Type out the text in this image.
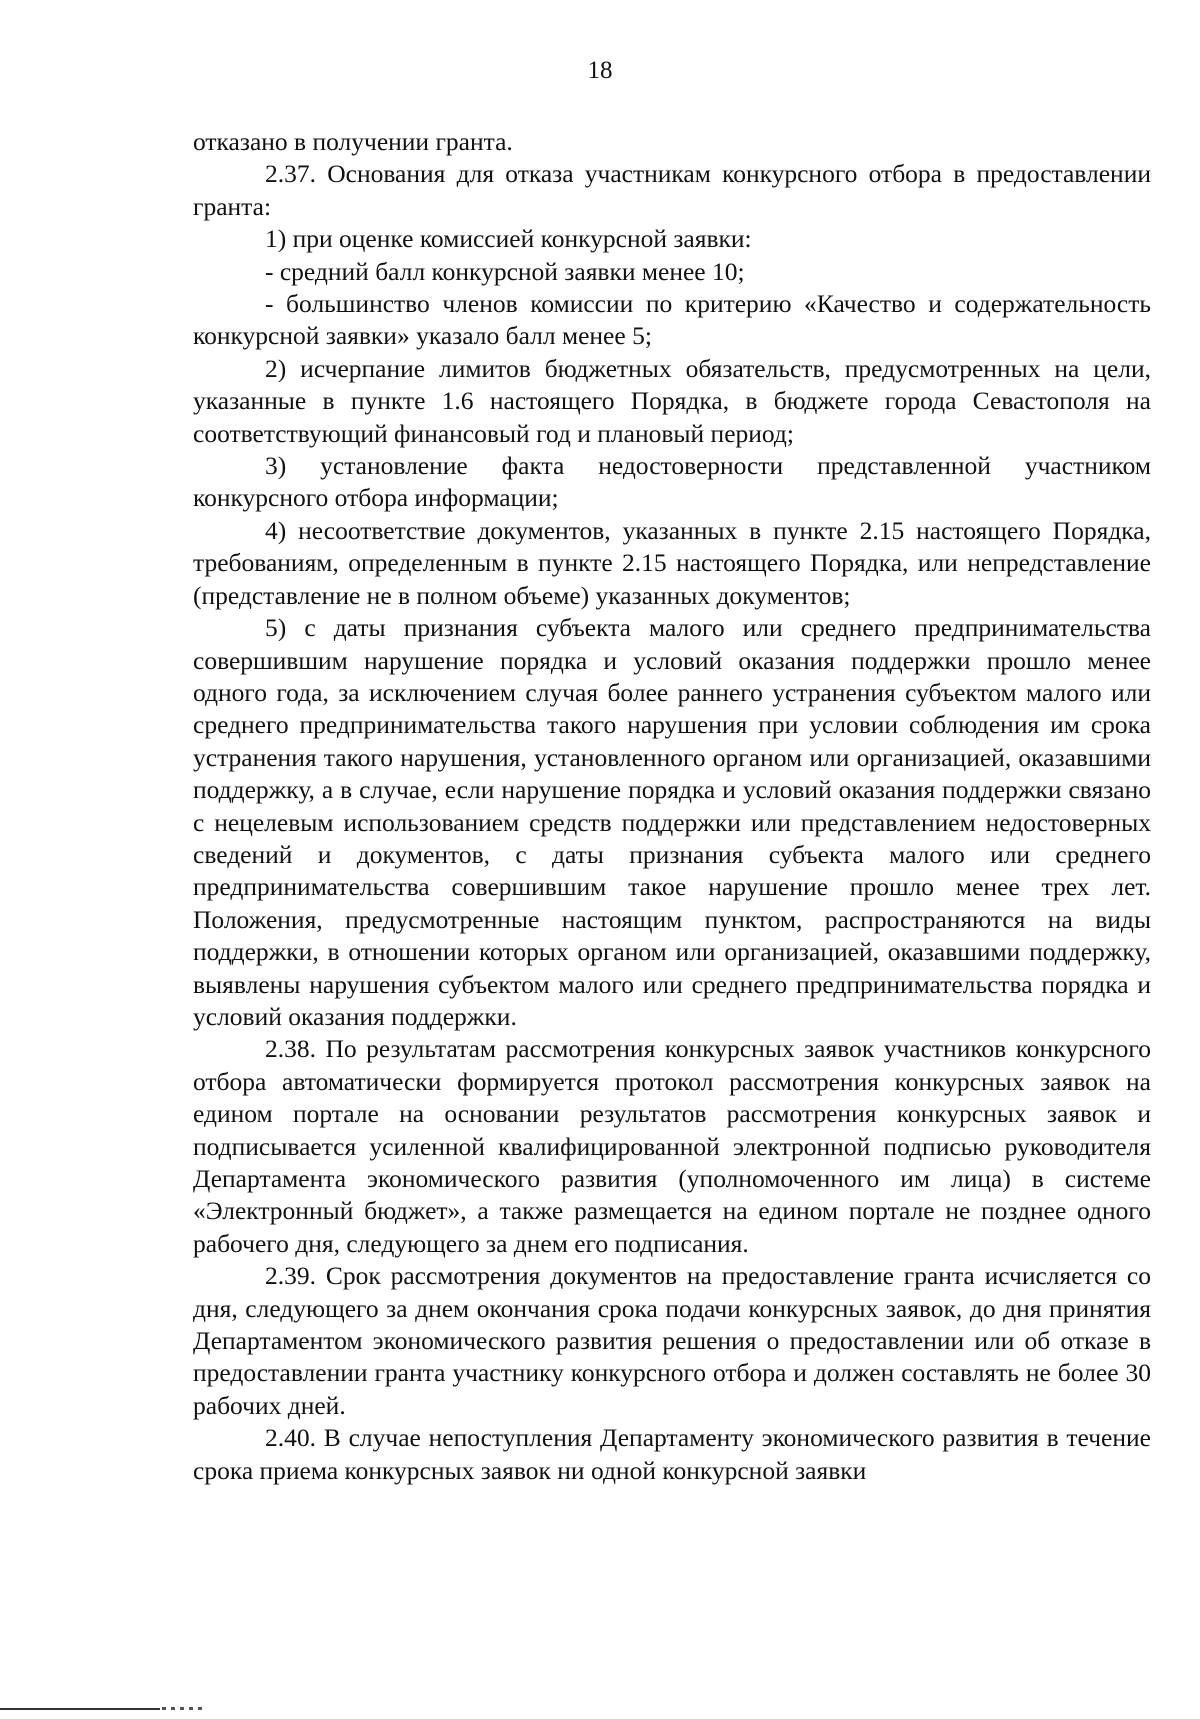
18

отказано в получении гранта.

2.37. Основания для отказа участникам конкурсного отбора в предоставлении гранта:

1) при оценке комиссией конкурсной заявки:

- средний балл конкурсной заявки менее 10;

- большинство членов комиссии по критерию «Качество и содержательность конкурсной заявки» указало балл менее 5;

2) исчерпание лимитов бюджетных обязательств, предусмотренных на цели, указанные в пункте 1.6 настоящего Порядка, в бюджете города Севастополя на соответствующий финансовый год и плановый период;

3) установление факта недостоверности представленной участником конкурсного отбора информации;

4) несоответствие документов, указанных в пункте 2.15 настоящего Порядка, требованиям, определенным в пункте 2.15 настоящего Порядка, или непредставление (представление не в полном объеме) указанных документов;

5) с даты признания субъекта малого или среднего предпринимательства совершившим нарушение порядка и условий оказания поддержки прошло менее одного года, за исключением случая более раннего устранения субъектом малого или среднего предпринимательства такого нарушения при условии соблюдения им срока устранения такого нарушения, установленного органом или организацией, оказавшими поддержку, а в случае, если нарушение порядка и условий оказания поддержки связано с нецелевым использованием средств поддержки или представлением недостоверных сведений и документов, с даты признания субъекта малого или среднего предпринимательства совершившим такое нарушение прошло менее трех лет. Положения, предусмотренные настоящим пунктом, распространяются на виды поддержки, в отношении которых органом или организацией, оказавшими поддержку, выявлены нарушения субъектом малого или среднего предпринимательства порядка и условий оказания поддержки.

2.38. По результатам рассмотрения конкурсных заявок участников конкурсного отбора автоматически формируется протокол рассмотрения конкурсных заявок на едином портале на основании результатов рассмотрения конкурсных заявок и подписывается усиленной квалифицированной электронной подписью руководителя Департамента экономического развития (уполномоченного им лица) в системе «Электронный бюджет», а также размещается на едином портале не позднее одного рабочего дня, следующего за днем его подписания.

2.39. Срок рассмотрения документов на предоставление гранта исчисляется со дня, следующего за днем окончания срока подачи конкурсных заявок, до дня принятия Департаментом экономического развития решения о предоставлении или об отказе в предоставлении гранта участнику конкурсного отбора и должен составлять не более 30 рабочих дней.

2.40. В случае непоступления Департаменту экономического развития в течение срока приема конкурсных заявок ни одной конкурсной заявки
